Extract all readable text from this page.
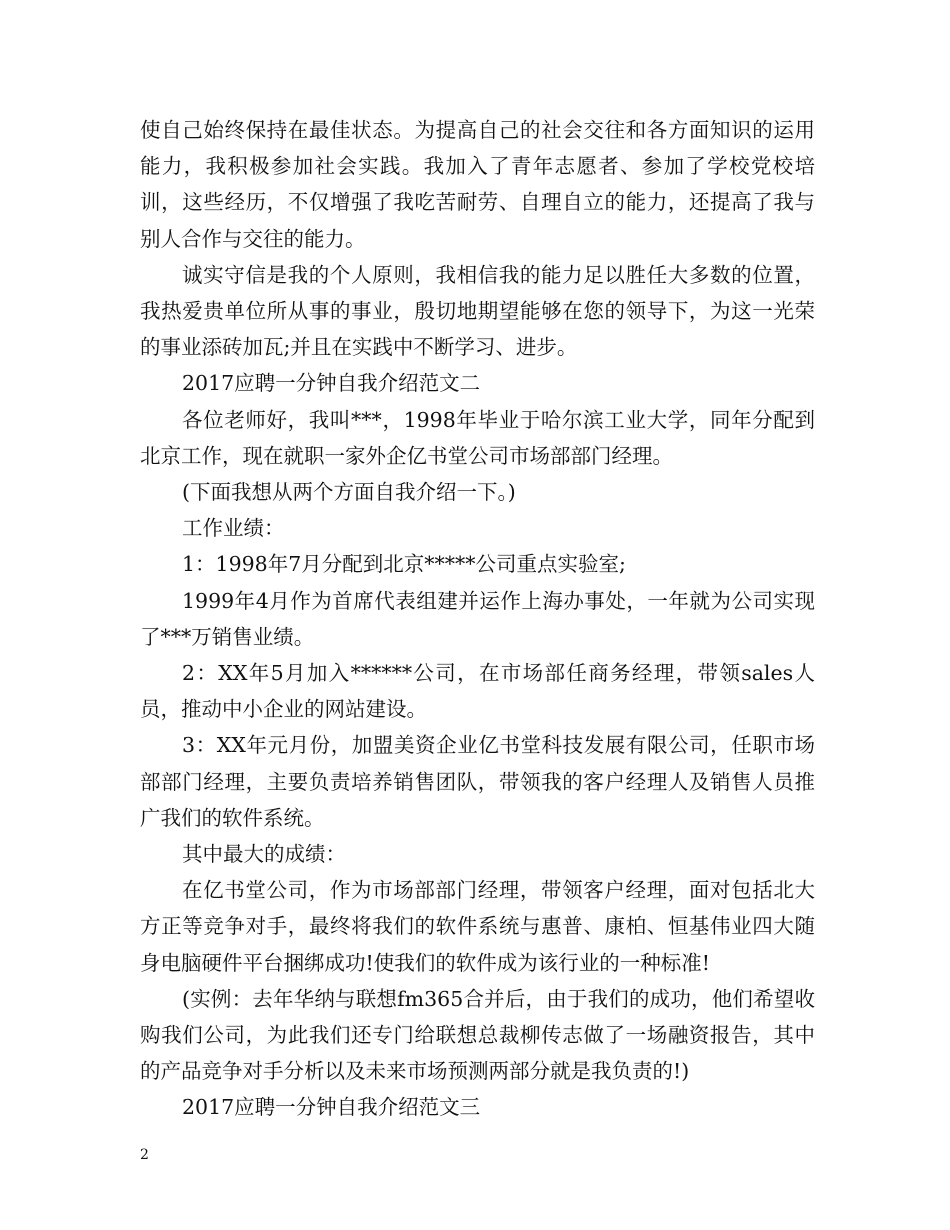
使自己始终保持在最佳状态。为提高自己的社会交往和各方面知识的运用能力，我积极参加社会实践。我加入了青年志愿者、参加了学校党校培训，这些经历，不仅增强了我吃苦耐劳、自理自立的能力，还提高了我与别人合作与交往的能力。

诚实守信是我的个人原则，我相信我的能力足以胜任大多数的位置，我热爱贵单位所从事的事业，殷切地期望能够在您的领导下，为这一光荣的事业添砖加瓦;并且在实践中不断学习、进步。

2017应聘一分钟自我介绍范文二

各位老师好，我叫***，1998年毕业于哈尔滨工业大学，同年分配到北京工作，现在就职一家外企亿书堂公司市场部部门经理。

(下面我想从两个方面自我介绍一下。)

工作业绩：

1：1998年7月分配到北京*****公司重点实验室;

1999年4月作为首席代表组建并运作上海办事处，一年就为公司实现了***万销售业绩。

2：XX年5月加入******公司，在市场部任商务经理，带领sales人员，推动中小企业的网站建设。

3：XX年元月份，加盟美资企业亿书堂科技发展有限公司，任职市场部部门经理，主要负责培养销售团队，带领我的客户经理人及销售人员推广我们的软件系统。

其中最大的成绩：

在亿书堂公司，作为市场部部门经理，带领客户经理，面对包括北大方正等竞争对手，最终将我们的软件系统与惠普、康柏、恒基伟业四大随身电脑硬件平台捆绑成功!使我们的软件成为该行业的一种标准!

(实例：去年华纳与联想fm365合并后，由于我们的成功，他们希望收购我们公司，为此我们还专门给联想总裁柳传志做了一场融资报告，其中的产品竞争对手分析以及未来市场预测两部分就是我负责的!)

2017应聘一分钟自我介绍范文三

2
